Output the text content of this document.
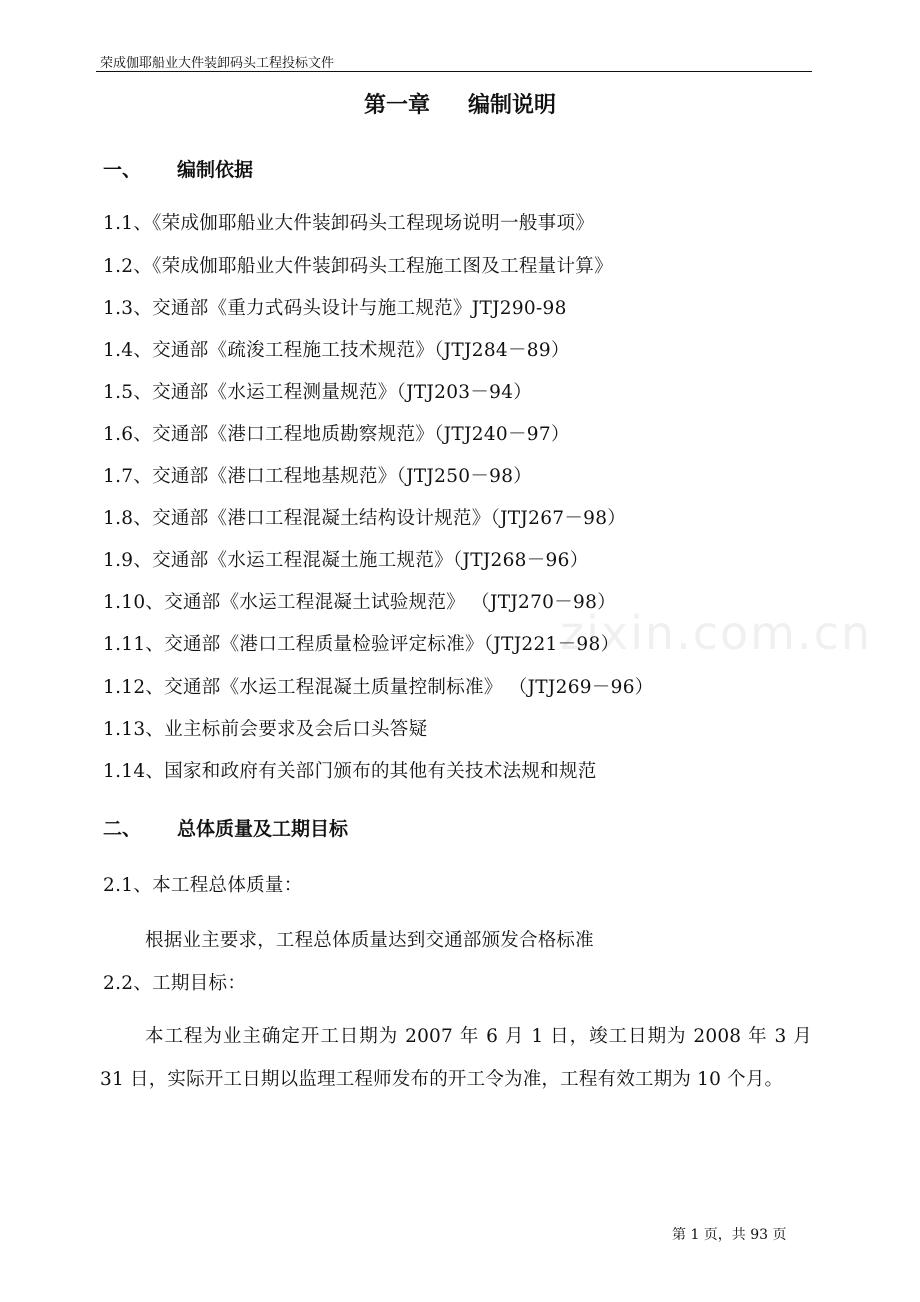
荣成伽耶船业大件装卸码头工程投标文件
第一章 编制说明
一、 编制依据
1.1、《荣成伽耶船业大件装卸码头工程现场说明一般事项》
1.2、《荣成伽耶船业大件装卸码头工程施工图及工程量计算》
1.3、交通部《重力式码头设计与施工规范》JTJ290-98
1.4、交通部《疏浚工程施工技术规范》（JTJ284－89）
1.5、交通部《水运工程测量规范》（JTJ203－94）
1.6、交通部《港口工程地质勘察规范》（JTJ240－97）
1.7、交通部《港口工程地基规范》（JTJ250－98）
1.8、交通部《港口工程混凝土结构设计规范》（JTJ267－98）
1.9、交通部《水运工程混凝土施工规范》（JTJ268－96）
1.10、交通部《水运工程混凝土试验规范》 （JTJ270－98）
1.11、交通部《港口工程质量检验评定标准》（JTJ221－98）
1.12、交通部《水运工程混凝土质量控制标准》 （JTJ269－96）
1.13、业主标前会要求及会后口头答疑
1.14、国家和政府有关部门颁布的其他有关技术法规和规范
二、 总体质量及工期目标
2.1、本工程总体质量：
根据业主要求，工程总体质量达到交通部颁发合格标准
2.2、工期目标：
本工程为业主确定开工日期为 2007 年 6 月 1 日，竣工日期为 2008 年 3 月 31 日，实际开工日期以监理工程师发布的开工令为准，工程有效工期为 10 个月。
zixin.com.cn
第 1 页，共 93 页
